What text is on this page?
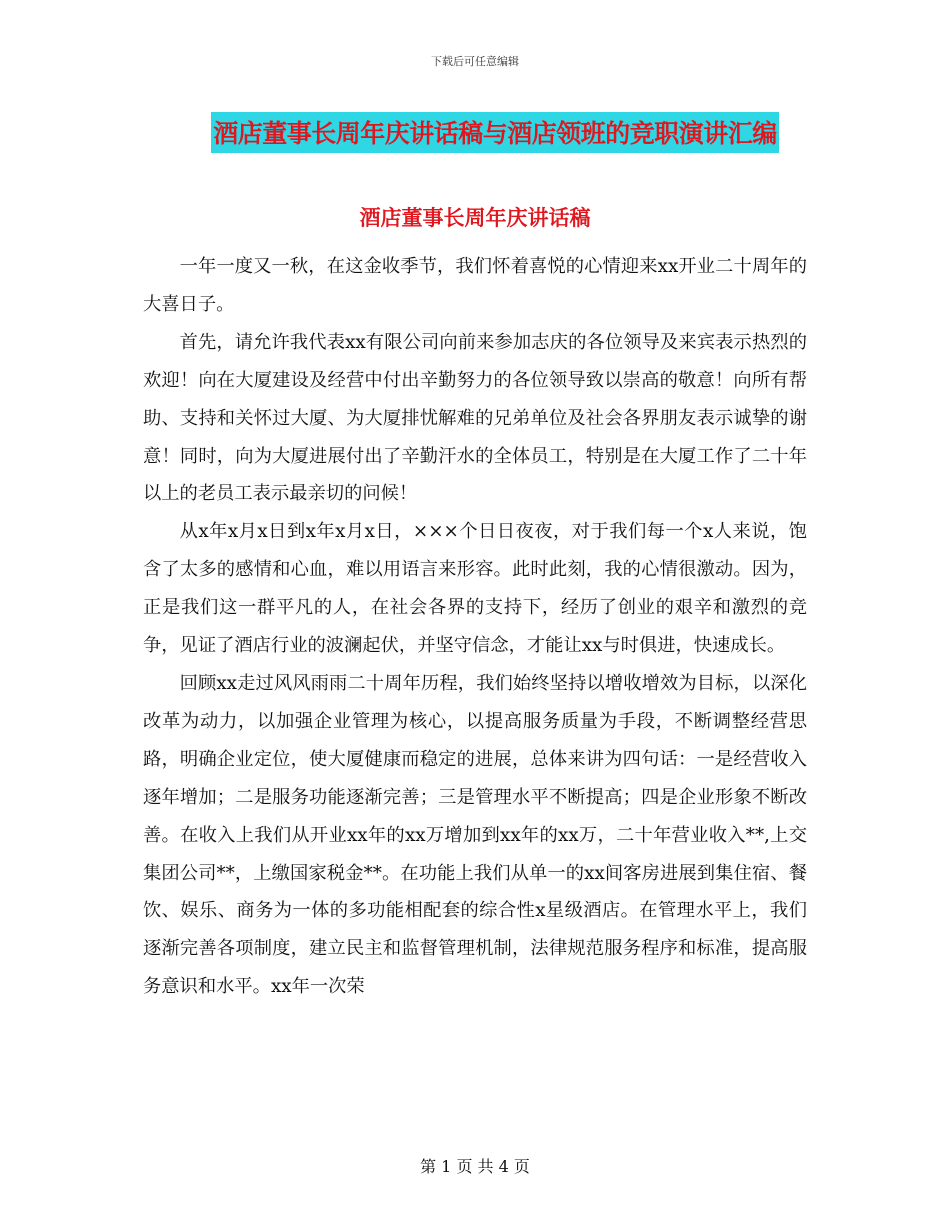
下载后可任意编辑
酒店董事长周年庆讲话稿与酒店领班的竞职演讲汇编
酒店董事长周年庆讲话稿

一年一度又一秋，在这金收季节，我们怀着喜悦的心情迎来xx开业二十周年的大喜日子。

首先，请允许我代表xx有限公司向前来参加志庆的各位领导及来宾表示热烈的欢迎！向在大厦建设及经营中付出辛勤努力的各位领导致以崇高的敬意！向所有帮助、支持和关怀过大厦、为大厦排忧解难的兄弟单位及社会各界朋友表示诚挚的谢意！同时，向为大厦进展付出了辛勤汗水的全体员工，特别是在大厦工作了二十年以上的老员工表示最亲切的问候！

从x年x月x日到x年x月x日，×××个日日夜夜，对于我们每一个x人来说，饱含了太多的感情和心血，难以用语言来形容。此时此刻，我的心情很激动。因为，正是我们这一群平凡的人，在社会各界的支持下，经历了创业的艰辛和激烈的竞争，见证了酒店行业的波澜起伏，并坚守信念，才能让xx与时俱进，快速成长。

回顾xx走过风风雨雨二十周年历程，我们始终坚持以增收增效为目标，以深化改革为动力，以加强企业管理为核心，以提高服务质量为手段，不断调整经营思路，明确企业定位，使大厦健康而稳定的进展，总体来讲为四句话：一是经营收入逐年增加；二是服务功能逐渐完善；三是管理水平不断提高；四是企业形象不断改善。在收入上我们从开业xx年的xx万增加到xx年的xx万，二十年营业收入**,上交集团公司**，上缴国家税金**。在功能上我们从单一的xx间客房进展到集住宿、餐饮、娱乐、商务为一体的多功能相配套的综合性x星级酒店。在管理水平上，我们逐渐完善各项制度，建立民主和监督管理机制，法律规范服务程序和标准，提高服务意识和水平。xx年一次荣

第 1 页 共 4 页
